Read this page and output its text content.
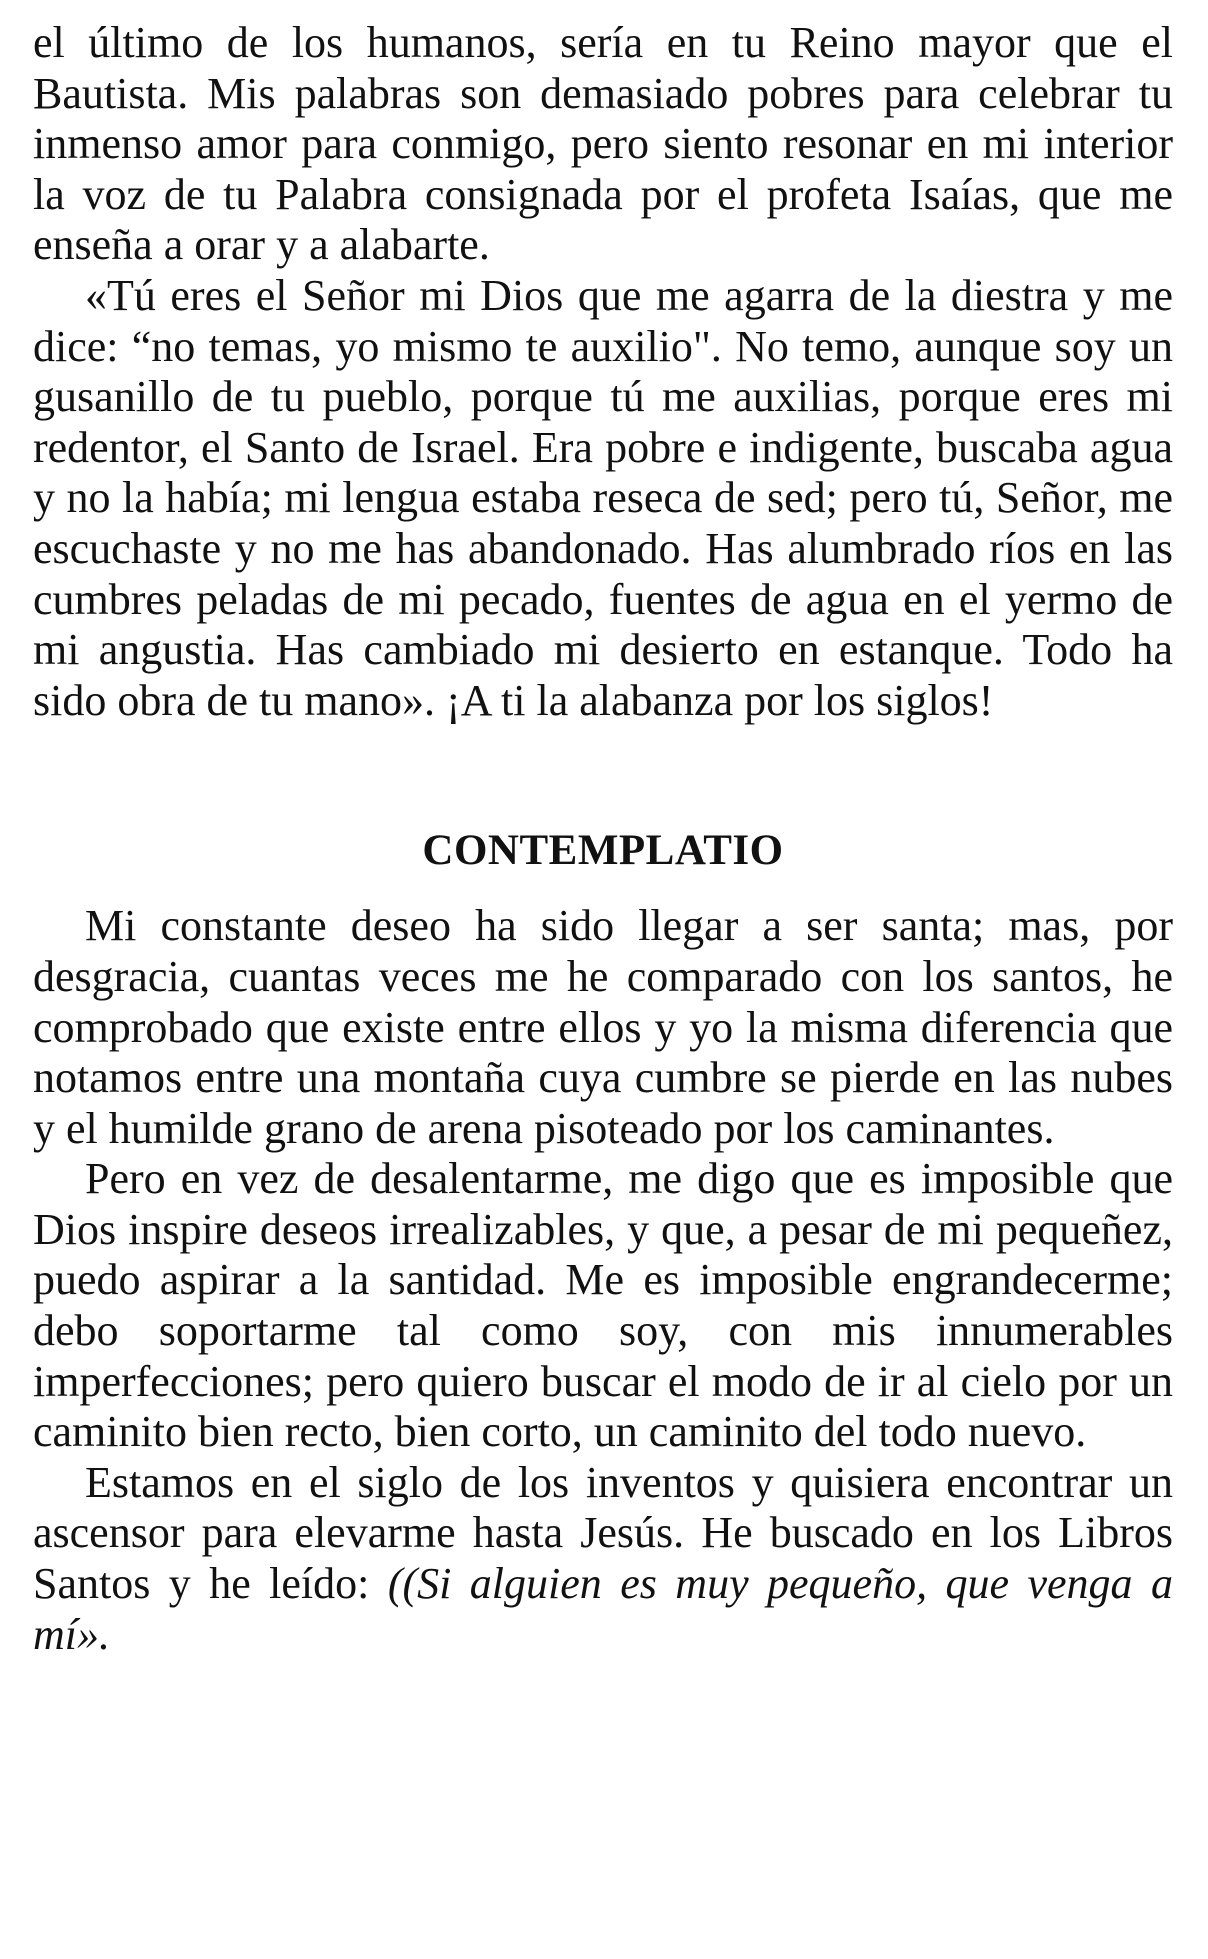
el último de los humanos, sería en tu Reino mayor que el Bautista. Mis palabras son demasiado pobres para celebrar tu inmenso amor para conmigo, pero siento resonar en mi interior la voz de tu Palabra consignada por el profeta Isaías, que me enseña a orar y a alabarte.

«Tú eres el Señor mi Dios que me agarra de la diestra y me dice: “no temas, yo mismo te auxilio". No temo, aunque soy un gusanillo de tu pueblo, porque tú me auxilias, porque eres mi redentor, el Santo de Israel. Era pobre e indigente, buscaba agua y no la había; mi lengua estaba reseca de sed; pero tú, Señor, me escuchaste y no me has abandonado. Has alumbrado ríos en las cumbres peladas de mi pecado, fuentes de agua en el yermo de mi angustia. Has cambiado mi desierto en estanque. Todo ha sido obra de tu mano». ¡A ti la alabanza por los siglos!

CONTEMPLATIO

Mi constante deseo ha sido llegar a ser santa; mas, por desgracia, cuantas veces me he comparado con los santos, he comprobado que existe entre ellos y yo la misma diferencia que notamos entre una montaña cuya cumbre se pierde en las nubes y el humilde grano de arena pisoteado por los caminantes.

Pero en vez de desalentarme, me digo que es imposible que Dios inspire deseos irrealizables, y que, a pesar de mi pequeñez, puedo aspirar a la santidad. Me es imposible engrandecerme; debo soportarme tal como soy, con mis innumerables imperfecciones; pero quiero buscar el modo de ir al cielo por un caminito bien recto, bien corto, un caminito del todo nuevo.

Estamos en el siglo de los inventos y quisiera encontrar un ascensor para elevarme hasta Jesús. He buscado en los Libros Santos y he leído: ((Si alguien es muy pequeño, que venga a mí».
